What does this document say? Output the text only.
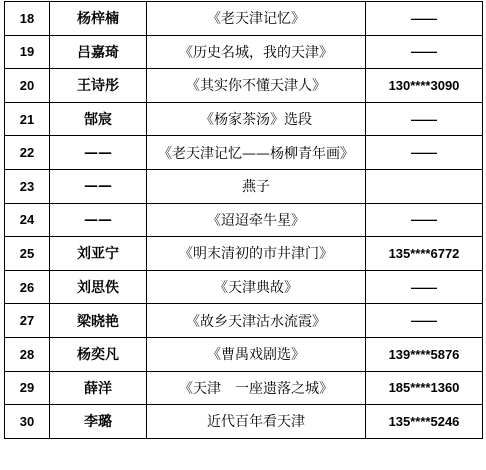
18	杨梓楠	《老天津记忆》	——
19	吕嘉琦	《历史名城，我的天津》	——
20	王诗彤	《其实你不懂天津人》	130****3090
21	郜宸	《杨家茶汤》选段	——
22	——	《老天津记忆——杨柳青年画》	——
23	——	燕子	
24	——	《迢迢牵牛星》	——
25	刘亚宁	《明末清初的市井津门》	135****6772
26	刘思佚	《天津典故》	——
27	梁晓艳	《故乡天津沽水流霞》	——
28	杨奕凡	《曹禺戏剧选》	139****5876
29	薛洋	《天津　一座遗落之城》	185****1360
30	李璐	近代百年看天津	135****5246
